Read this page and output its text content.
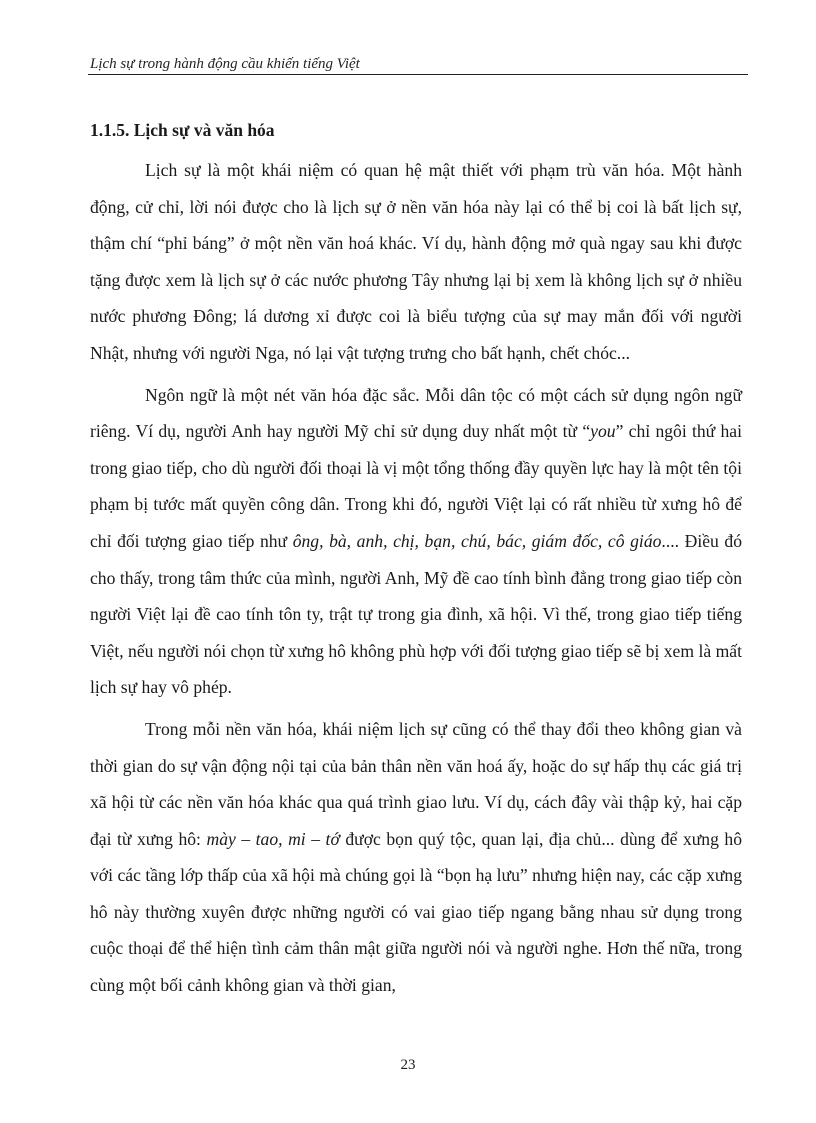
Lịch sự trong hành động cầu khiến tiếng Việt
1.1.5. Lịch sự và văn hóa

Lịch sự là một khái niệm có quan hệ mật thiết với phạm trù văn hóa. Một hành động, cử chỉ, lời nói được cho là lịch sự ở nền văn hóa này lại có thể bị coi là bất lịch sự, thậm chí “phỉ báng” ở một nền văn hoá khác. Ví dụ, hành động mở quà ngay sau khi được tặng được xem là lịch sự ở các nước phương Tây nhưng lại bị xem là không lịch sự ở nhiều nước phương Đông; lá dương xỉ được coi là biểu tượng của sự may mắn đối với người Nhật, nhưng với người Nga, nó lại vật tượng trưng cho bất hạnh, chết chóc...

Ngôn ngữ là một nét văn hóa đặc sắc. Mỗi dân tộc có một cách sử dụng ngôn ngữ riêng. Ví dụ, người Anh hay người Mỹ chỉ sử dụng duy nhất một từ “you” chỉ ngôi thứ hai trong giao tiếp, cho dù người đối thoại là vị một tổng thống đầy quyền lực hay là một tên tội phạm bị tước mất quyền công dân. Trong khi đó, người Việt lại có rất nhiều từ xưng hô để chỉ đối tượng giao tiếp như ông, bà, anh, chị, bạn, chú, bác, giám đốc, cô giáo.... Điều đó cho thấy, trong tâm thức của mình, người Anh, Mỹ đề cao tính bình đẳng trong giao tiếp còn người Việt lại đề cao tính tôn ty, trật tự trong gia đình, xã hội. Vì thế, trong giao tiếp tiếng Việt, nếu người nói chọn từ xưng hô không phù hợp với đối tượng giao tiếp sẽ bị xem là mất lịch sự hay vô phép.

Trong mỗi nền văn hóa, khái niệm lịch sự cũng có thể thay đổi theo không gian và thời gian do sự vận động nội tại của bản thân nền văn hoá ấy, hoặc do sự hấp thụ các giá trị xã hội từ các nền văn hóa khác qua quá trình giao lưu. Ví dụ, cách đây vài thập kỷ, hai cặp đại từ xưng hô: mày – tao, mi – tớ được bọn quý tộc, quan lại, địa chủ... dùng để xưng hô với các tầng lớp thấp của xã hội mà chúng gọi là “bọn hạ lưu” nhưng hiện nay, các cặp xưng hô này thường xuyên được những người có vai giao tiếp ngang bằng nhau sử dụng trong cuộc thoại để thể hiện tình cảm thân mật giữa người nói và người nghe. Hơn thế nữa, trong cùng một bối cảnh không gian và thời gian,

23
